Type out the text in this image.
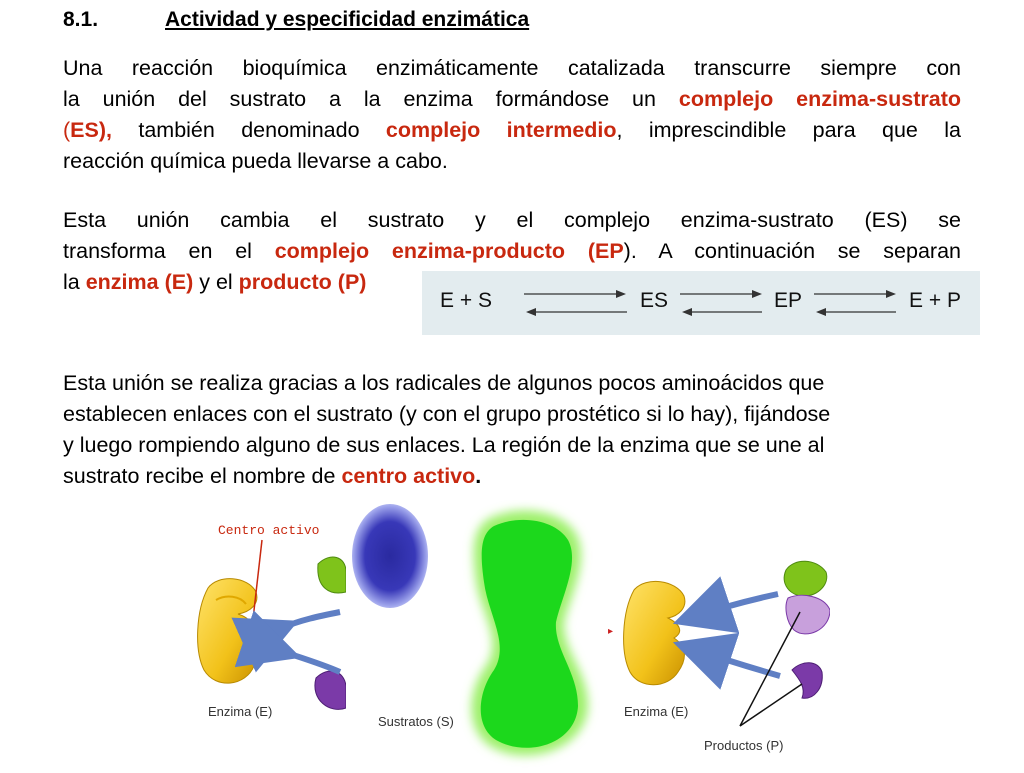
8.1.	Actividad y especificidad enzimática
Una reacción bioquímica enzimáticamente catalizada transcurre siempre con
la unión del sustrato a la enzima formándose un complejo enzima-sustrato
(ES), también denominado complejo intermedio, imprescindible para que la
reacción química pueda llevarse a cabo.
Esta unión cambia el sustrato y el complejo enzima-sustrato (ES) se
transforma en el complejo enzima-producto (EP). A continuación se separan
la enzima (E) y el producto (P)
E + S	ES	EP	E + P
Esta unión se realiza gracias a los radicales de algunos pocos aminoácidos que
establecen enlaces con el sustrato (y con el grupo prostético si lo hay), fijándose
y luego rompiendo alguno de sus enlaces. La región de la enzima que se une al
sustrato recibe el nombre de centro activo.
Centro activo
Sustratos (S)
▸
Enzima (E)	Enzima (E)
Productos (P)
